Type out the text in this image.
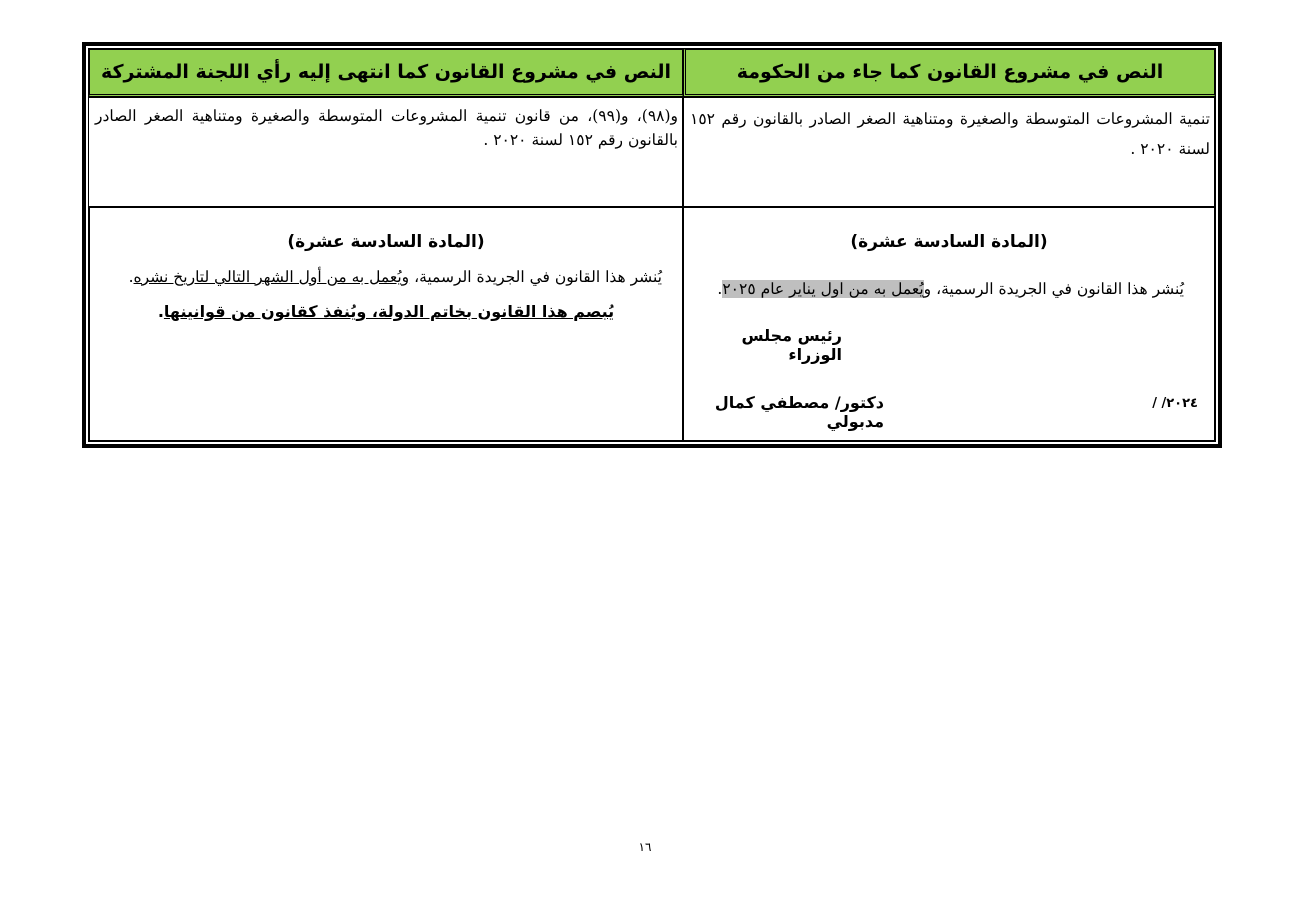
النص في مشروع القانون كما انتهى إليه رأي اللجنة المشتركة	النص في مشروع القانون كما جاء من الحكومة
و(٩٨)، و(٩٩)، من قانون تنمية المشروعات المتوسطة والصغيرة ومتناهية الصغر الصادر بالقانون رقم ١٥٢ لسنة ٢٠٢٠ .
تنمية المشروعات المتوسطة والصغيرة ومتناهية الصغر الصادر بالقانون رقم ١٥٢ لسنة ٢٠٢٠ .
(المادة السادسة عشرة)
يُنشر هذا القانون في الجريدة الرسمية، ويُعمل به من أول الشهر التالي لتاريخ نشره.
يُبصم هذا القانون بخاتم الدولة، ويُنفذ كقانون من قوانينها.
(المادة السادسة عشرة)
يُنشر هذا القانون في الجريدة الرسمية، ويُعمل به من اول يناير عام ٢٠٢٥.
رئيس مجلس الوزراء
دكتور/ مصطفي كمال مدبولي
/ /٢٠٢٤
١٦
